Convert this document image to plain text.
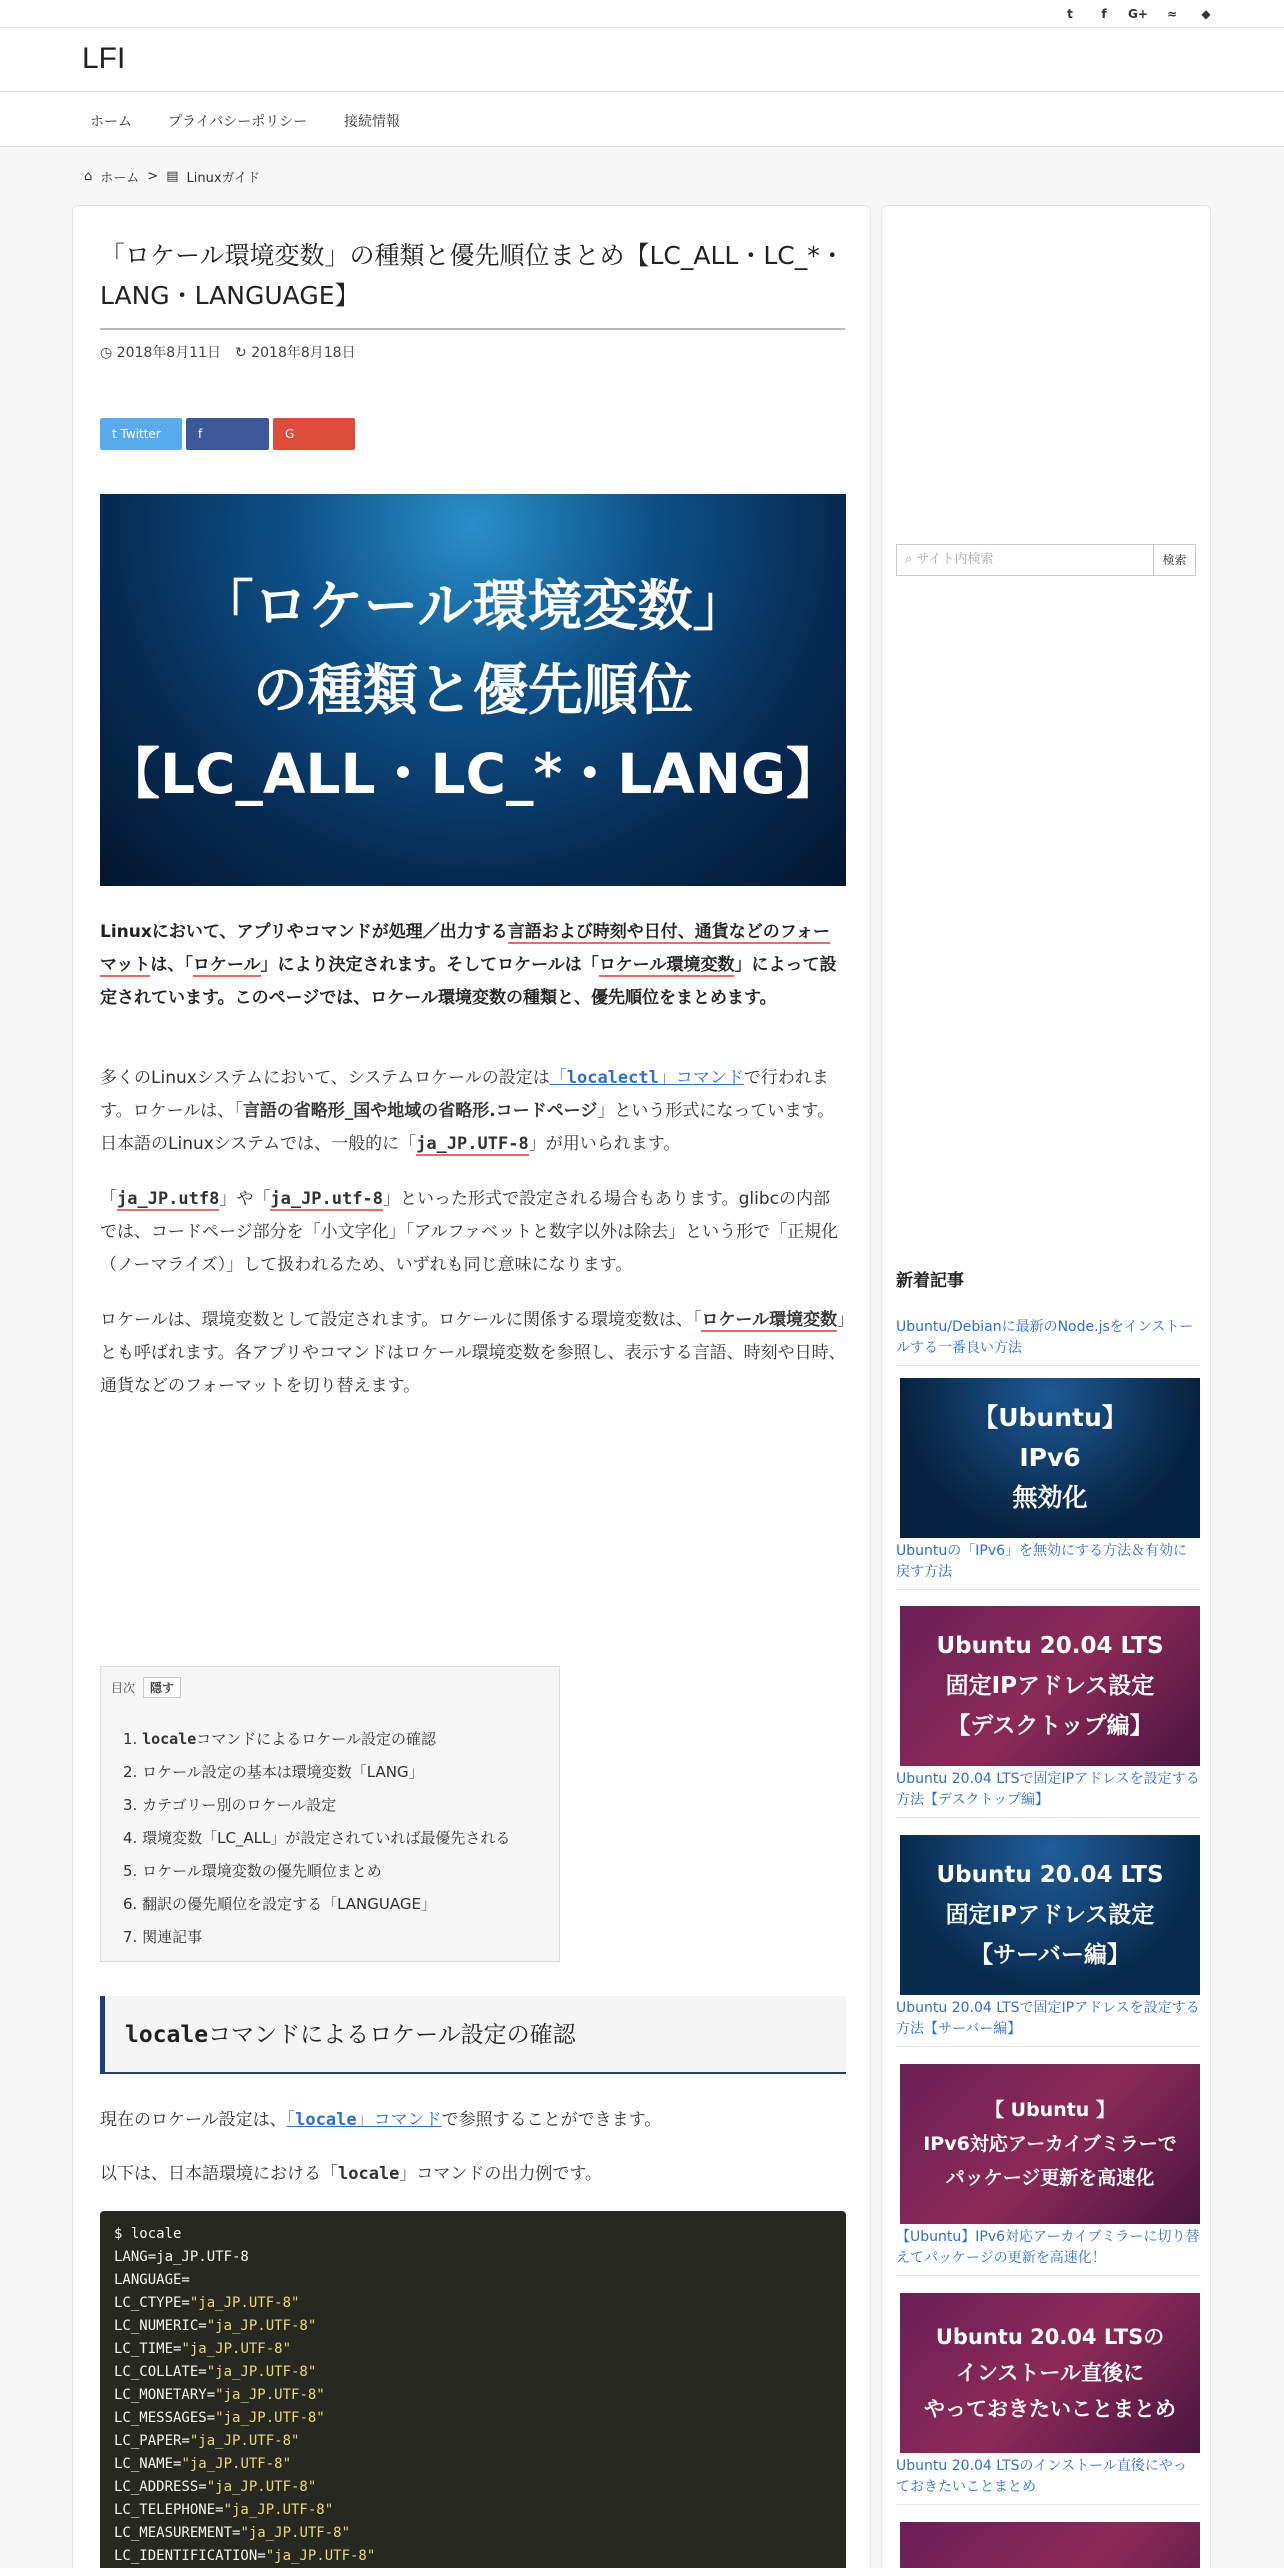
t	f	G+	≈	◆
LFI
ホーム	プライバシーポリシー	接続情報
⌂ ホーム > ▤ Linuxガイド
「ロケール環境変数」の種類と優先順位まとめ【LC_ALL・LC_*・LANG・LANGUAGE】
◷ 2018年8月11日 ↻ 2018年8月18日
t Twitter	f Facebook
G Google+
「ロケール環境変数」
の種類と優先順位
【LC_ALL・LC_*・LANG】

Linuxにおいて、アプリやコマンドが処理／出力する言語および時刻や日付、通貨などのフォーマットは、「ロケール」により決定されます。そしてロケールは「ロケール環境変数」によって設定されています。このページでは、ロケール環境変数の種類と、優先順位をまとめます。

多くのLinuxシステムにおいて、システムロケールの設定は「localectl」コマンドで行われます。ロケールは、「言語の省略形_国や地域の省略形.コードページ」という形式になっています。日本語のLinuxシステムでは、一般的に「ja_JP.UTF-8」が用いられます。

「ja_JP.utf8」や「ja_JP.utf-8」といった形式で設定される場合もあります。glibcの内部では、コードページ部分を「小文字化」「アルファベットと数字以外は除去」という形で「正規化（ノーマライズ）」して扱われるため、いずれも同じ意味になります。

ロケールは、環境変数として設定されます。ロケールに関係する環境変数は、「ロケール環境変数」とも呼ばれます。各アプリやコマンドはロケール環境変数を参照し、表示する言語、時刻や日時、通貨などのフォーマットを切り替えます。

目次	隠す
1. localeコマンドによるロケール設定の確認
2. ロケール設定の基本は環境変数「LANG」
3. カテゴリー別のロケール設定
4. 環境変数「LC_ALL」が設定されていれば最優先される
5. ロケール環境変数の優先順位まとめ
6. 翻訳の優先順位を設定する「LANGUAGE」
7. 関連記事
localeコマンドによるロケール設定の確認

現在のロケール設定は、「locale」コマンドで参照することができます。

以下は、日本語環境における「locale」コマンドの出力例です。

$ locale
LANG=ja_JP.UTF-8
LANGUAGE=
LC_CTYPE="ja_JP.UTF-8"
LC_NUMERIC="ja_JP.UTF-8"
LC_TIME="ja_JP.UTF-8"
LC_COLLATE="ja_JP.UTF-8"
LC_MONETARY="ja_JP.UTF-8"
LC_MESSAGES="ja_JP.UTF-8"
LC_PAPER="ja_JP.UTF-8"
LC_NAME="ja_JP.UTF-8"
LC_ADDRESS="ja_JP.UTF-8"
LC_TELEPHONE="ja_JP.UTF-8"
LC_MEASUREMENT="ja_JP.UTF-8"
LC_IDENTIFICATION="ja_JP.UTF-8"
⌕ サイト内検索	検索
新着記事
Ubuntu/Debianに最新のNode.jsをインストールする一番良い方法
【Ubuntu】
IPv6
無効化
Ubuntuの「IPv6」を無効にする方法＆有効に戻す方法
Ubuntu 20.04 LTS
固定IPアドレス設定
【デスクトップ編】
Ubuntu 20.04 LTSで固定IPアドレスを設定する方法【デスクトップ編】
Ubuntu 20.04 LTS
固定IPアドレス設定
【サーバー編】
Ubuntu 20.04 LTSで固定IPアドレスを設定する方法【サーバー編】
【 Ubuntu 】
IPv6対応アーカイブミラーで
パッケージ更新を高速化
【Ubuntu】IPv6対応アーカイブミラーに切り替えてパッケージの更新を高速化！
Ubuntu 20.04 LTSの
インストール直後に
やっておきたいことまとめ
Ubuntu 20.04 LTSのインストール直後にやっておきたいことまとめ
